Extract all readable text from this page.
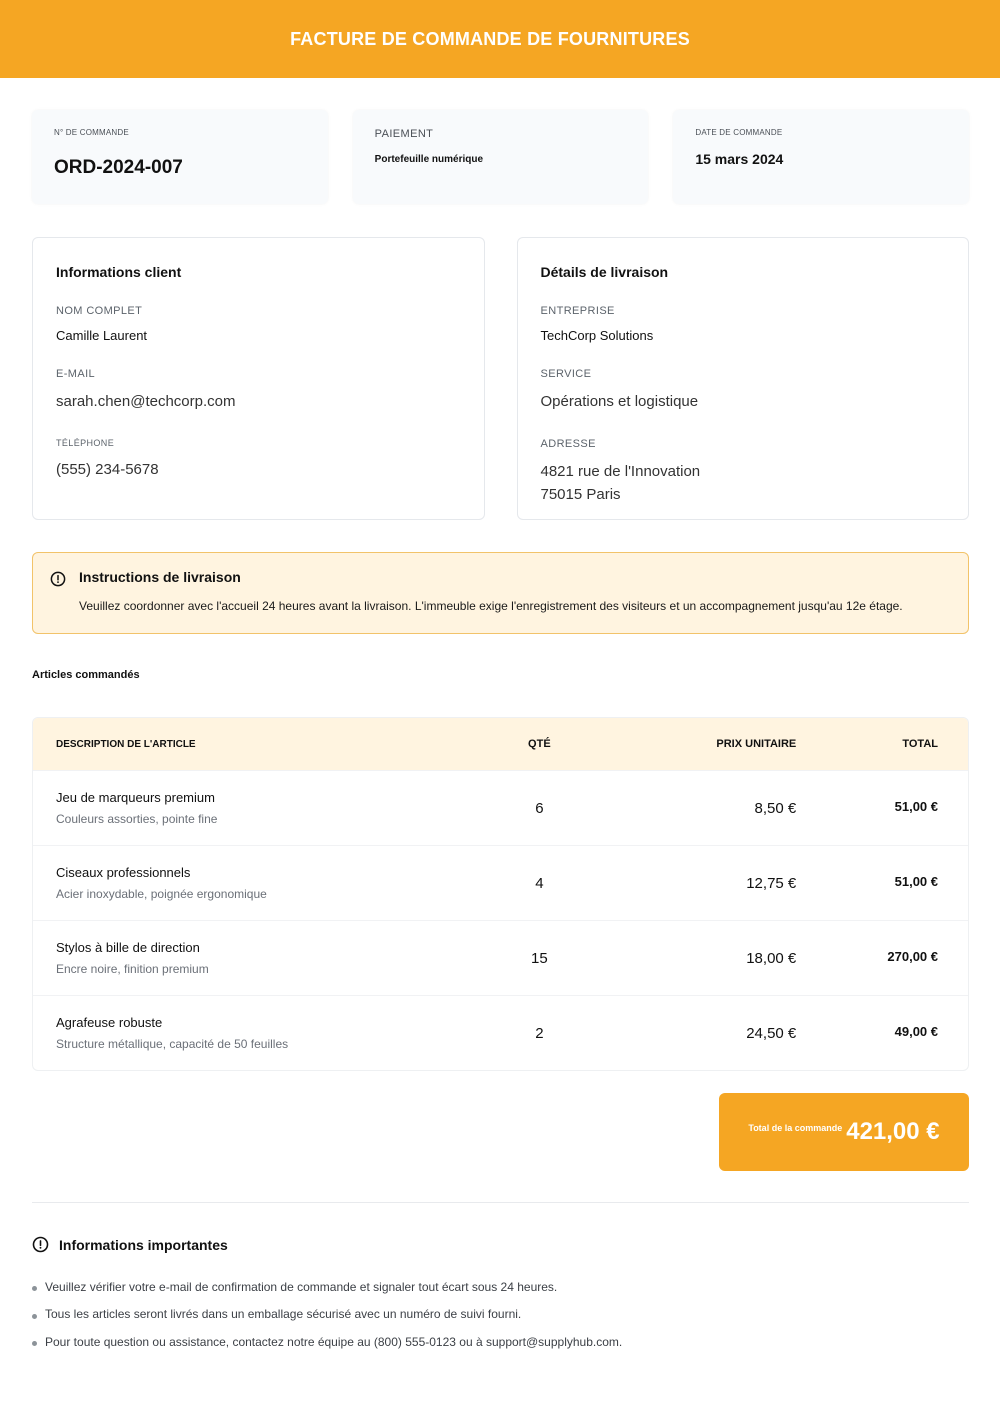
FACTURE DE COMMANDE DE FOURNITURES
N° DE COMMANDE
ORD-2024-007
PAIEMENT
Portefeuille numérique
DATE DE COMMANDE
15 mars 2024
Informations client
NOM COMPLET
Camille Laurent
E-MAIL
sarah.chen@techcorp.com
TÉLÉPHONE
(555) 234-5678
Détails de livraison
ENTREPRISE
TechCorp Solutions
SERVICE
Opérations et logistique
ADRESSE
4821 rue de l'Innovation
75015 Paris
Instructions de livraison
Veuillez coordonner avec l'accueil 24 heures avant la livraison. L'immeuble exige l'enregistrement des visiteurs et un accompagnement jusqu'au 12e étage.
Articles commandés
DESCRIPTION DE L'ARTICLE	QTÉ	PRIX UNITAIRE	TOTAL
Jeu de marqueurs premium
Couleurs assorties, pointe fine
6	8,50 €	51,00 €
Ciseaux professionnels
Acier inoxydable, poignée ergonomique
4	12,75 €	51,00 €
Stylos à bille de direction
Encre noire, finition premium
15	18,00 €	270,00 €
Agrafeuse robuste
Structure métallique, capacité de 50 feuilles
2	24,50 €	49,00 €
Total de la commande 421,00 €
Informations importantes
Veuillez vérifier votre e-mail de confirmation de commande et signaler tout écart sous 24 heures.
Tous les articles seront livrés dans un emballage sécurisé avec un numéro de suivi fourni.
Pour toute question ou assistance, contactez notre équipe au (800) 555-0123 ou à support@supplyhub.com.
